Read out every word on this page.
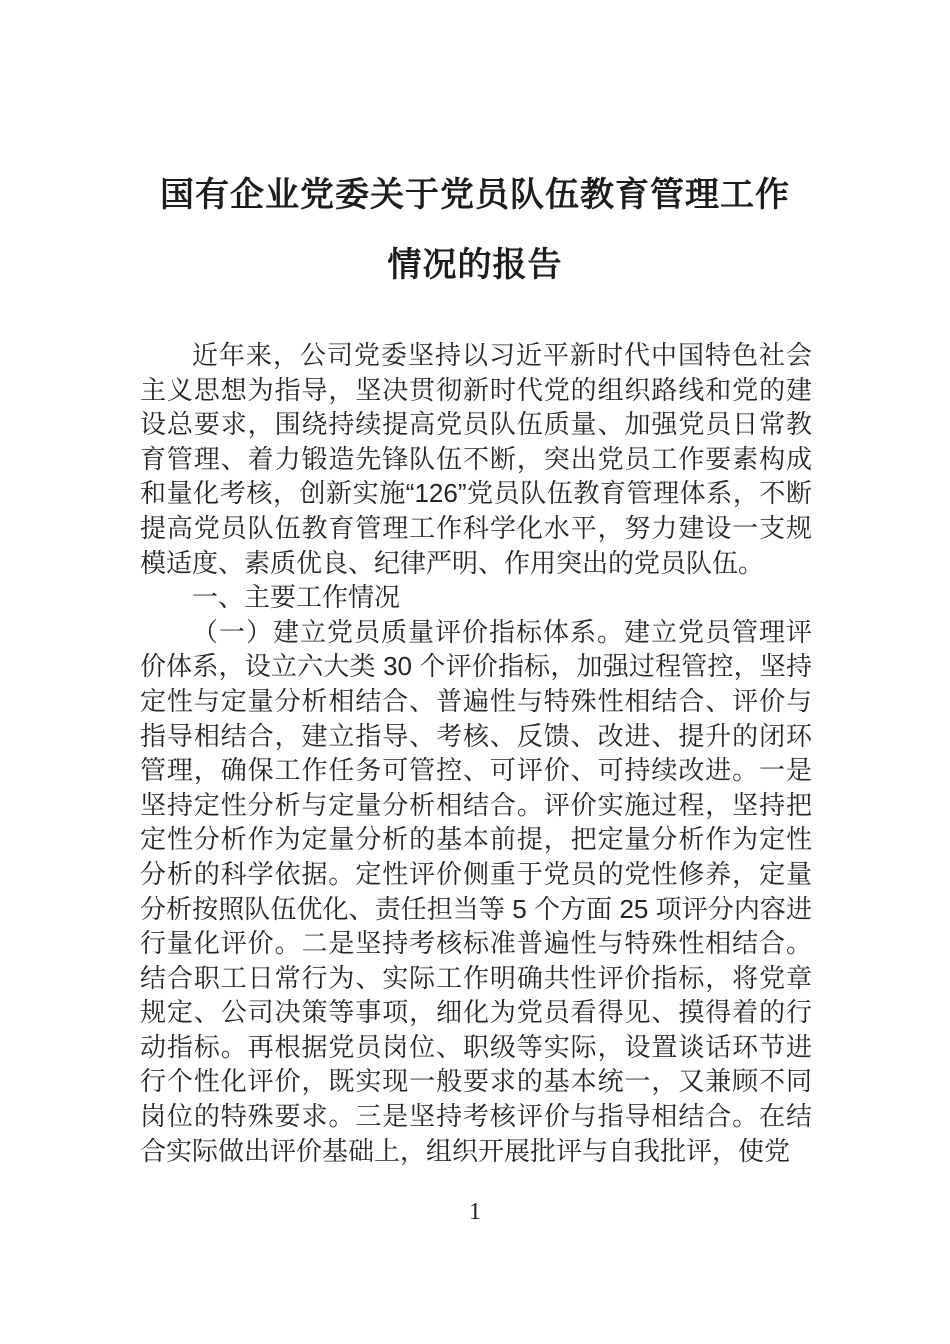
国有企业党委关于党员队伍教育管理工作
情况的报告

近年来，公司党委坚持以习近平新时代中国特色社会主义思想为指导，坚决贯彻新时代党的组织路线和党的建设总要求，围绕持续提高党员队伍质量、加强党员日常教育管理、着力锻造先锋队伍不断，突出党员工作要素构成和量化考核，创新实施“126”党员队伍教育管理体系，不断提高党员队伍教育管理工作科学化水平，努力建设一支规模适度、素质优良、纪律严明、作用突出的党员队伍。

一、主要工作情况

（一）建立党员质量评价指标体系。建立党员管理评价体系，设立六大类 30 个评价指标，加强过程管控，坚持定性与定量分析相结合、普遍性与特殊性相结合、评价与指导相结合，建立指导、考核、反馈、改进、提升的闭环管理，确保工作任务可管控、可评价、可持续改进。一是坚持定性分析与定量分析相结合。评价实施过程，坚持把定性分析作为定量分析的基本前提，把定量分析作为定性分析的科学依据。定性评价侧重于党员的党性修养，定量分析按照队伍优化、责任担当等 5 个方面 25 项评分内容进行量化评价。二是坚持考核标准普遍性与特殊性相结合。结合职工日常行为、实际工作明确共性评价指标，将党章规定、公司决策等事项，细化为党员看得见、摸得着的行动指标。再根据党员岗位、职级等实际，设置谈话环节进行个性化评价，既实现一般要求的基本统一，又兼顾不同岗位的特殊要求。三是坚持考核评价与指导相结合。在结合实际做出评价基础上，组织开展批评与自我批评，使党

1
